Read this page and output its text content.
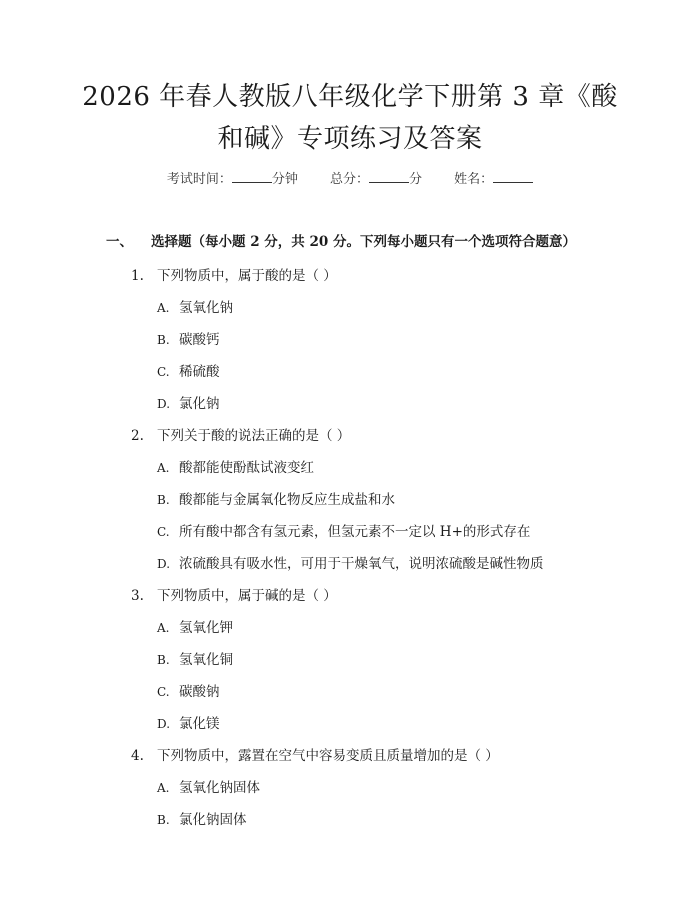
2026 年春人教版八年级化学下册第 3 章《酸
和碱》专项练习及答案
考试时间：	分钟 总分：	分 姓名：
一、 选择题（每小题 2 分，共 20 分。下列每小题只有一个选项符合题意）
1. 下列物质中，属于酸的是（ ）
A. 氢氧化钠
B. 碳酸钙
C. 稀硫酸
D. 氯化钠
2. 下列关于酸的说法正确的是（ ）
A. 酸都能使酚酞试液变红
B. 酸都能与金属氧化物反应生成盐和水
C. 所有酸中都含有氢元素，但氢元素不一定以 H+的形式存在
D. 浓硫酸具有吸水性，可用于干燥氧气，说明浓硫酸是碱性物质
3. 下列物质中，属于碱的是（ ）
A. 氢氧化钾
B. 氢氧化铜
C. 碳酸钠
D. 氯化镁
4. 下列物质中，露置在空气中容易变质且质量增加的是（ ）
A. 氢氧化钠固体
B. 氯化钠固体
